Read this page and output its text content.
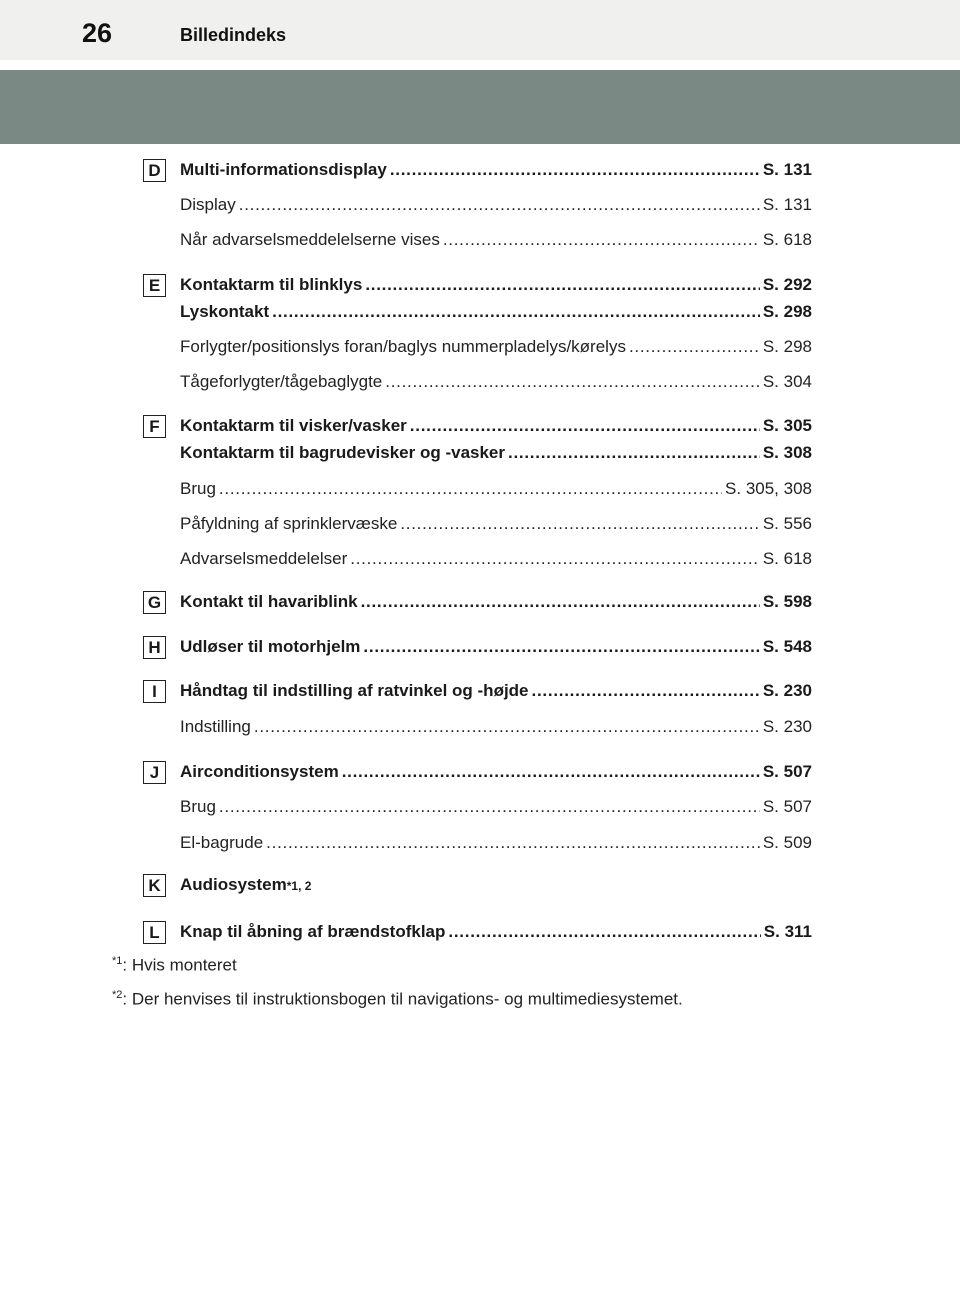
26	Billedindeks
D	Multi-informationsdisplay . . .	S. 131
Display . . .	S. 131
Når advarselsmeddelelserne vises . . .	S. 618
E	Kontaktarm til blinklys . . .	S. 292
Lyskontakt . . .	S. 298
Forlygter/positionslys foran/baglys nummerpladelys/kørelys . . .	S. 298
Tågeforlygter/tågebaglygte . . .	S. 304
F	Kontaktarm til visker/vasker . . .	S. 305
Kontaktarm til bagrudevisker og -vasker . . .	S. 308
Brug . . .	S. 305, 308
Påfyldning af sprinklervæske . . .	S. 556
Advarselsmeddelelser . . .	S. 618
G Kontakt til havariblink . . .	S. 598
H	Udløser til motorhjelm . . .	S. 548
I	Håndtag til indstilling af ratvinkel og -højde . . .	S. 230
Indstilling . . .	S. 230
J	Airconditionsystem . . .	S. 507
Brug . . .	S. 507
El-bagrude . . .	S. 509
K	Audiosystem *1, 2
L	Knap til åbning af brændstofklap . . .	S. 311
$^{*1}$: Hvis monteret
$^{*2}$: Der henvises til instruktionsbogen til navigations- og multimediesystemet.
